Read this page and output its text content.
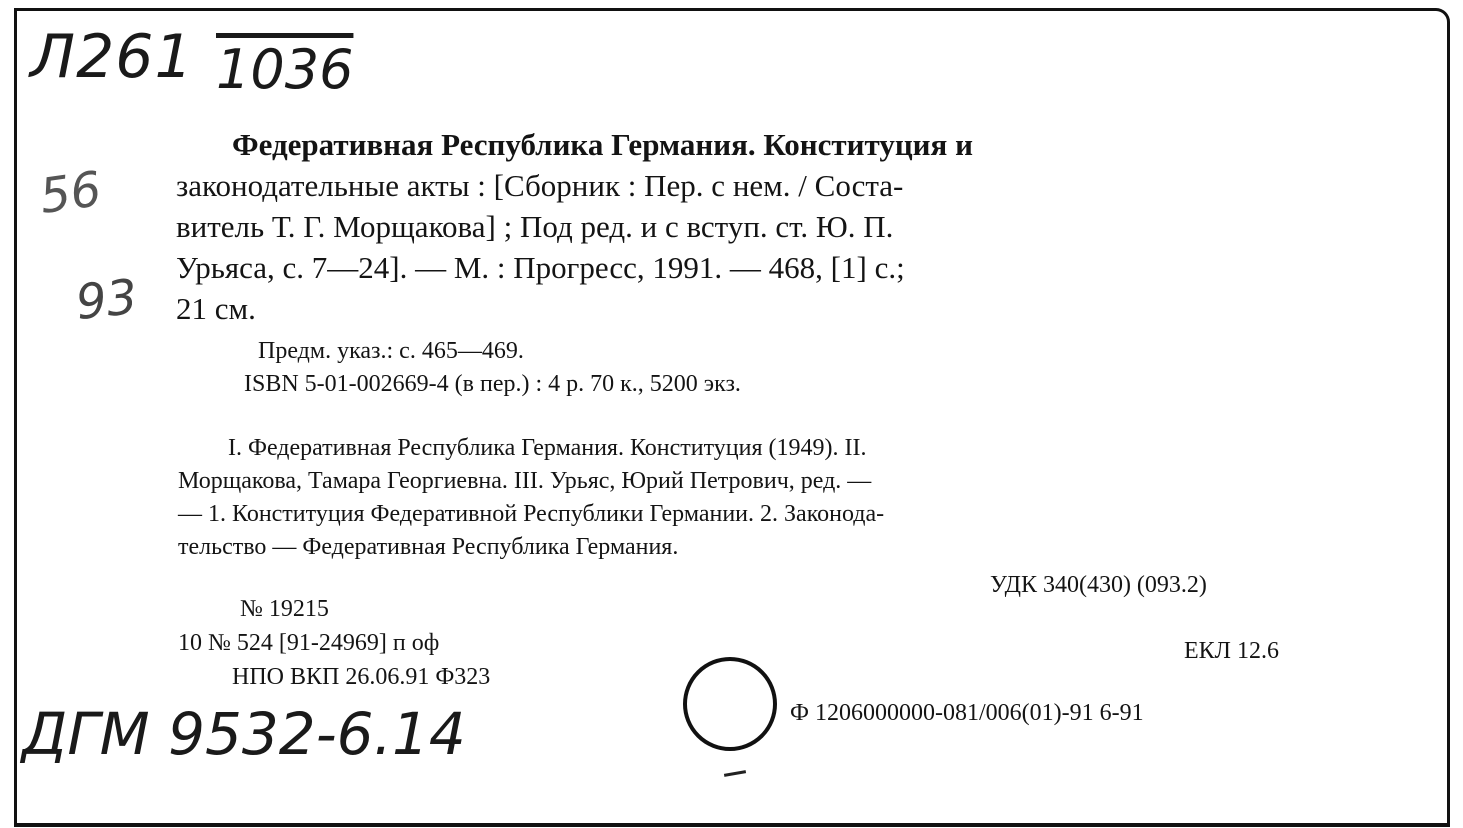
Л261 1036
56
93
ДГМ 9532-6.14
Федеративная Республика Германия. Конституция и
законодательные акты : [Сборник : Пер. с нем. / Соста-
витель Т. Г. Морщакова] ; Под ред. и с вступ. ст. Ю. П.
Урьяса, с. 7—24]. — М. : Прогресс, 1991. — 468, [1] с.;
21 см.
Предм. указ.: с. 465—469.
ISBN 5-01-002669-4 (в пер.) : 4 р. 70 к., 5200 экз.
I. Федеративная Республика Германия. Конституция (1949). II.
Морщакова, Тамара Георгиевна. III. Урьяс, Юрий Петрович, ред. —
— 1. Конституция Федеративной Республики Германии. 2. Законода-
тельство — Федеративная Республика Германия.
УДК 340(430) (093.2)
№ 19215
10 № 524 [91-24969] п оф	ЕКЛ 12.6
НПО ВКП 26.06.91 Ф323
Ф 1206000000-081/006(01)-91 6-91
